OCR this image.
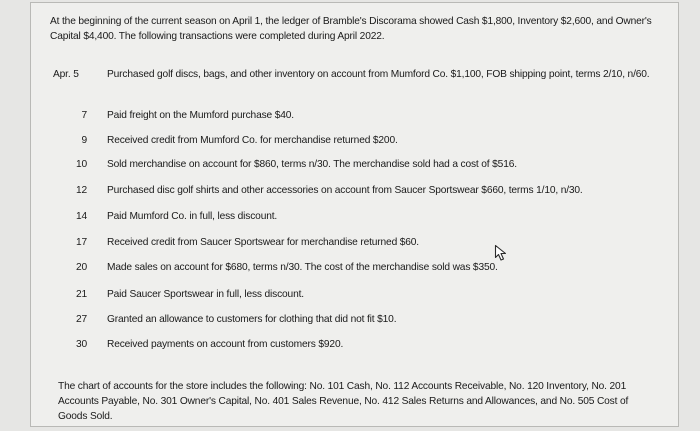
At the beginning of the current season on April 1, the ledger of Bramble's Discorama showed Cash $1,800, Inventory $2,600, and Owner's Capital $4,400. The following transactions were completed during April 2022.
Apr. 5	Purchased golf discs, bags, and other inventory on account from Mumford Co. $1,100, FOB shipping point, terms 2/10, n/60.
7 Paid freight on the Mumford purchase $40.
9 Received credit from Mumford Co. for merchandise returned $200.
10 Sold merchandise on account for $860, terms n/30. The merchandise sold had a cost of $516.
12 Purchased disc golf shirts and other accessories on account from Saucer Sportswear $660, terms 1/10, n/30.
14 Paid Mumford Co. in full, less discount.
17 Received credit from Saucer Sportswear for merchandise returned $60.
20 Made sales on account for $680, terms n/30. The cost of the merchandise sold was $350.
21 Paid Saucer Sportswear in full, less discount.
27 Granted an allowance to customers for clothing that did not fit $10.
30 Received payments on account from customers $920.
The chart of accounts for the store includes the following: No. 101 Cash, No. 112 Accounts Receivable, No. 120 Inventory, No. 201 Accounts Payable, No. 301 Owner's Capital, No. 401 Sales Revenue, No. 412 Sales Returns and Allowances, and No. 505 Cost of Goods Sold.
